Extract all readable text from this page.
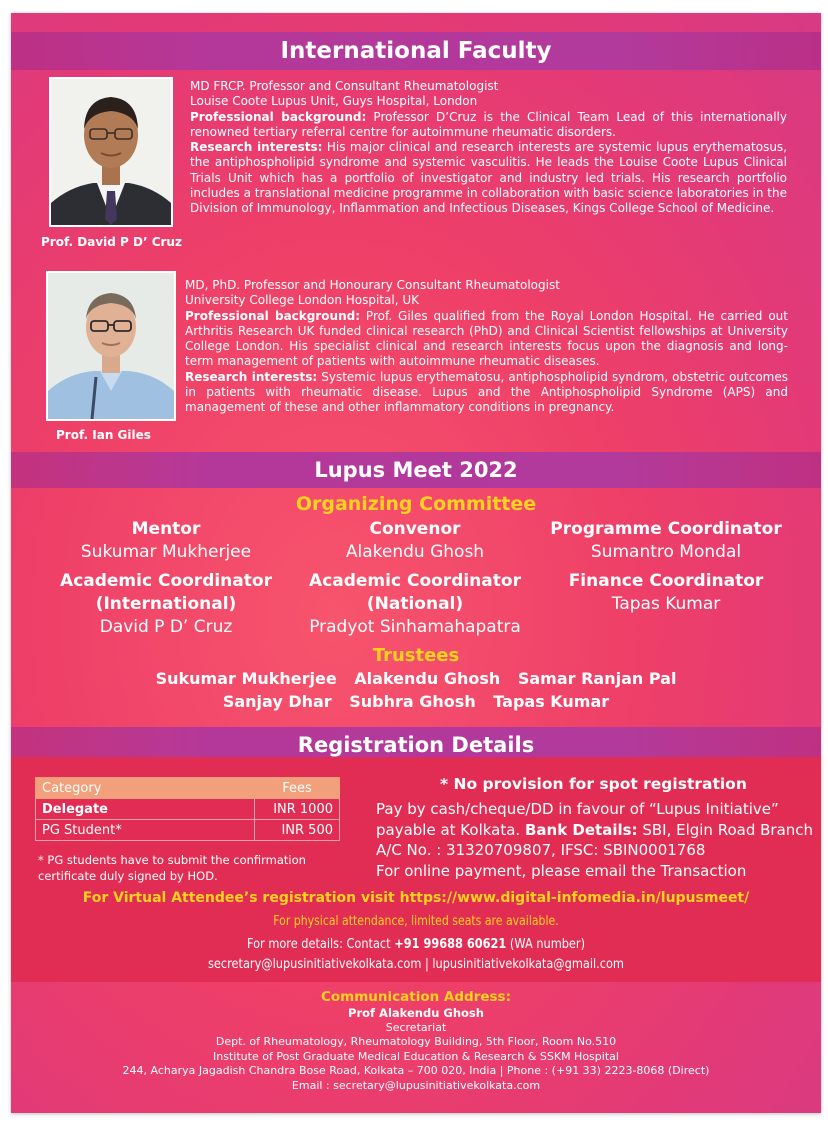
International Faculty
Prof. David P D’ Cruz

MD FRCP. Professor and Consultant Rheumatologist

Louise Coote Lupus Unit, Guys Hospital, London

Professional background: Professor D’Cruz is the Clinical Team Lead of this internationally renowned tertiary referral centre for autoimmune rheumatic disorders.

Research interests: His major clinical and research interests are systemic lupus erythematosus, the antiphospholipid syndrome and systemic vasculitis. He leads the Louise Coote Lupus Clinical Trials Unit which has a portfolio of investigator and industry led trials. His research portfolio includes a translational medicine programme in collaboration with basic science laboratories in the Division of Immunology, Inflammation and Infectious Diseases, Kings College School of Medicine.

Prof. Ian Giles

MD, PhD. Professor and Honourary Consultant Rheumatologist

University College London Hospital, UK

Professional background: Prof. Giles qualified from the Royal London Hospital. He carried out Arthritis Research UK funded clinical research (PhD) and Clinical Scientist fellowships at University College London. His specialist clinical and research interests focus upon the diagnosis and long-term management of patients with autoimmune rheumatic diseases.

Research interests: Systemic lupus erythematosu, antiphospholipid syndrom, obstetric outcomes in patients with rheumatic disease. Lupus and the Antiphospholipid Syndrome (APS) and management of these and other inflammatory conditions in pregnancy.

Lupus Meet 2022
Organizing Committee
Mentor
Sukumar Mukherjee
Convenor
Alakendu Ghosh
Programme Coordinator
Sumantro Mondal
Academic Coordinator
(International)
David P D’ Cruz
Academic Coordinator
(National)
Pradyot Sinhamahapatra
Finance Coordinator
Tapas Kumar
Trustees
Sukumar Mukherjee Alakendu Ghosh Samar Ranjan Pal
Sanjay Dhar Subhra Ghosh Tapas Kumar
Registration Details
Category	Fees
Delegate	INR 1000
PG Student*	INR 500
* PG students have to submit the confirmation certificate duly signed by HOD.
* No provision for spot registration
Pay by cash/cheque/DD in favour of “Lupus Initiative”
payable at Kolkata. Bank Details: SBI, Elgin Road Branch
A/C No. : 31320709807, IFSC: SBIN0001768
For online payment, please email the Transaction
For Virtual Attendee’s registration visit https://www.digital-infomedia.in/lupusmeet/
For physical attendance, limited seats are available.
For more details: Contact +91 99688 60621 (WA number)
secretary@lupusinitiativekolkata.com | lupusinitiativekolkata@gmail.com
Communication Address:
Prof Alakendu Ghosh
Secretariat
Dept. of Rheumatology, Rheumatology Building, 5th Floor, Room No.510
Institute of Post Graduate Medical Education & Research & SSKM Hospital
244, Acharya Jagadish Chandra Bose Road, Kolkata – 700 020, India | Phone : (+91 33) 2223-8068 (Direct)
Email : secretary@lupusinitiativekolkata.com
